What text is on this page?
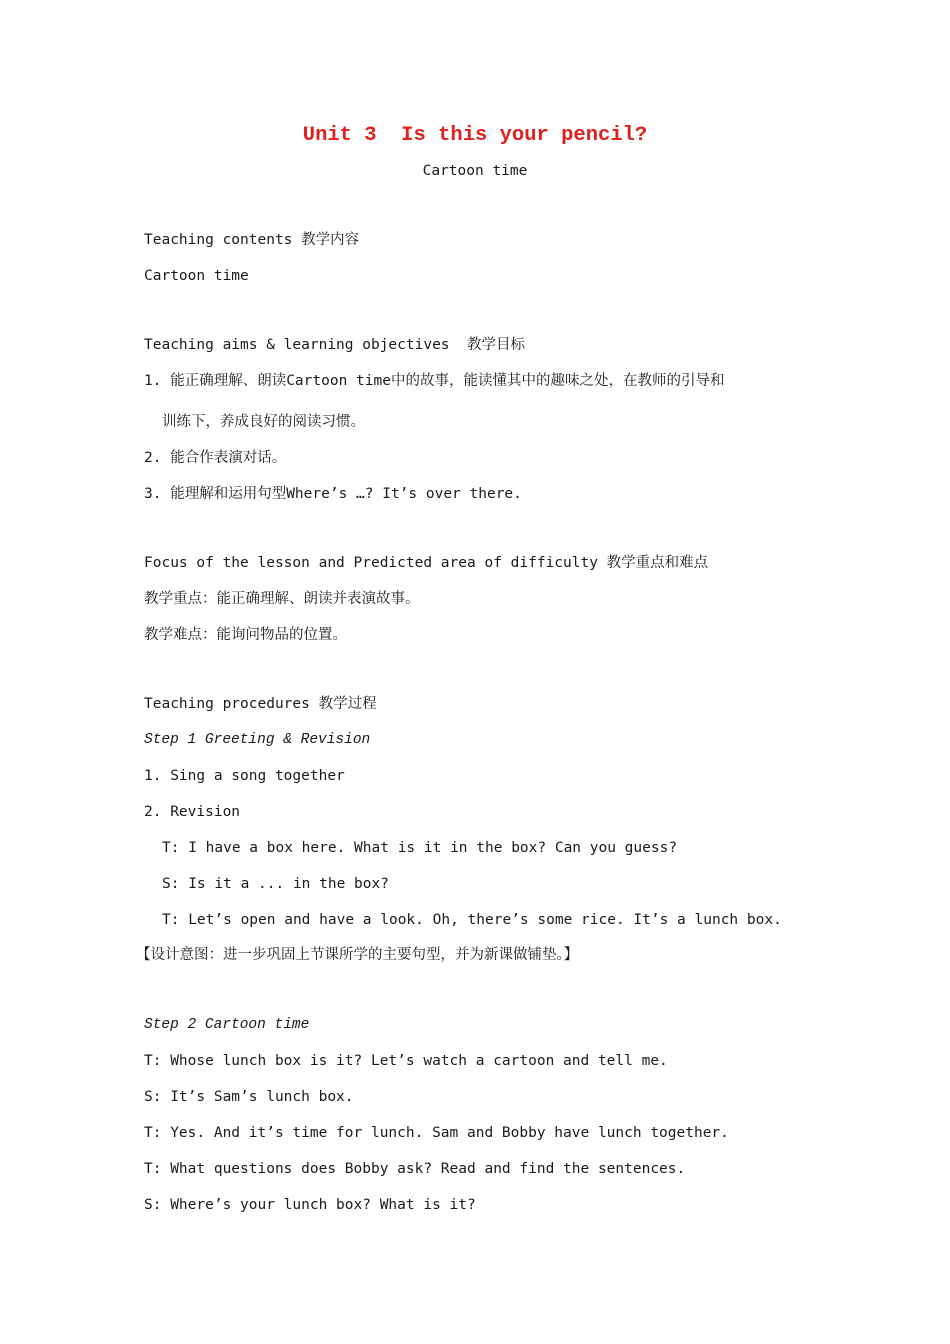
Unit 3  Is this your pencil?
Cartoon time
Teaching contents 教学内容
Cartoon time
Teaching aims & learning objectives  教学目标
1. 能正确理解、朗读Cartoon time中的故事，能读懂其中的趣味之处，在教师的引导和
训练下，养成良好的阅读习惯。
2. 能合作表演对话。
3. 能理解和运用句型Where’s …? It’s over there.
Focus of the lesson and Predicted area of difficulty 教学重点和难点
教学重点：能正确理解、朗读并表演故事。
教学难点：能询问物品的位置。
Teaching procedures 教学过程
Step 1 Greeting & Revision
1. Sing a song together
2. Revision
T: I have a box here. What is it in the box? Can you guess?
S: Is it a ... in the box?
T: Let’s open and have a look. Oh, there’s some rice. It’s a lunch box.
【设计意图：进一步巩固上节课所学的主要句型，并为新课做铺垫。】
Step 2 Cartoon time
T: Whose lunch box is it? Let’s watch a cartoon and tell me.
S: It’s Sam’s lunch box.
T: Yes. And it’s time for lunch. Sam and Bobby have lunch together.
T: What questions does Bobby ask? Read and find the sentences.
S: Where’s your lunch box? What is it?
